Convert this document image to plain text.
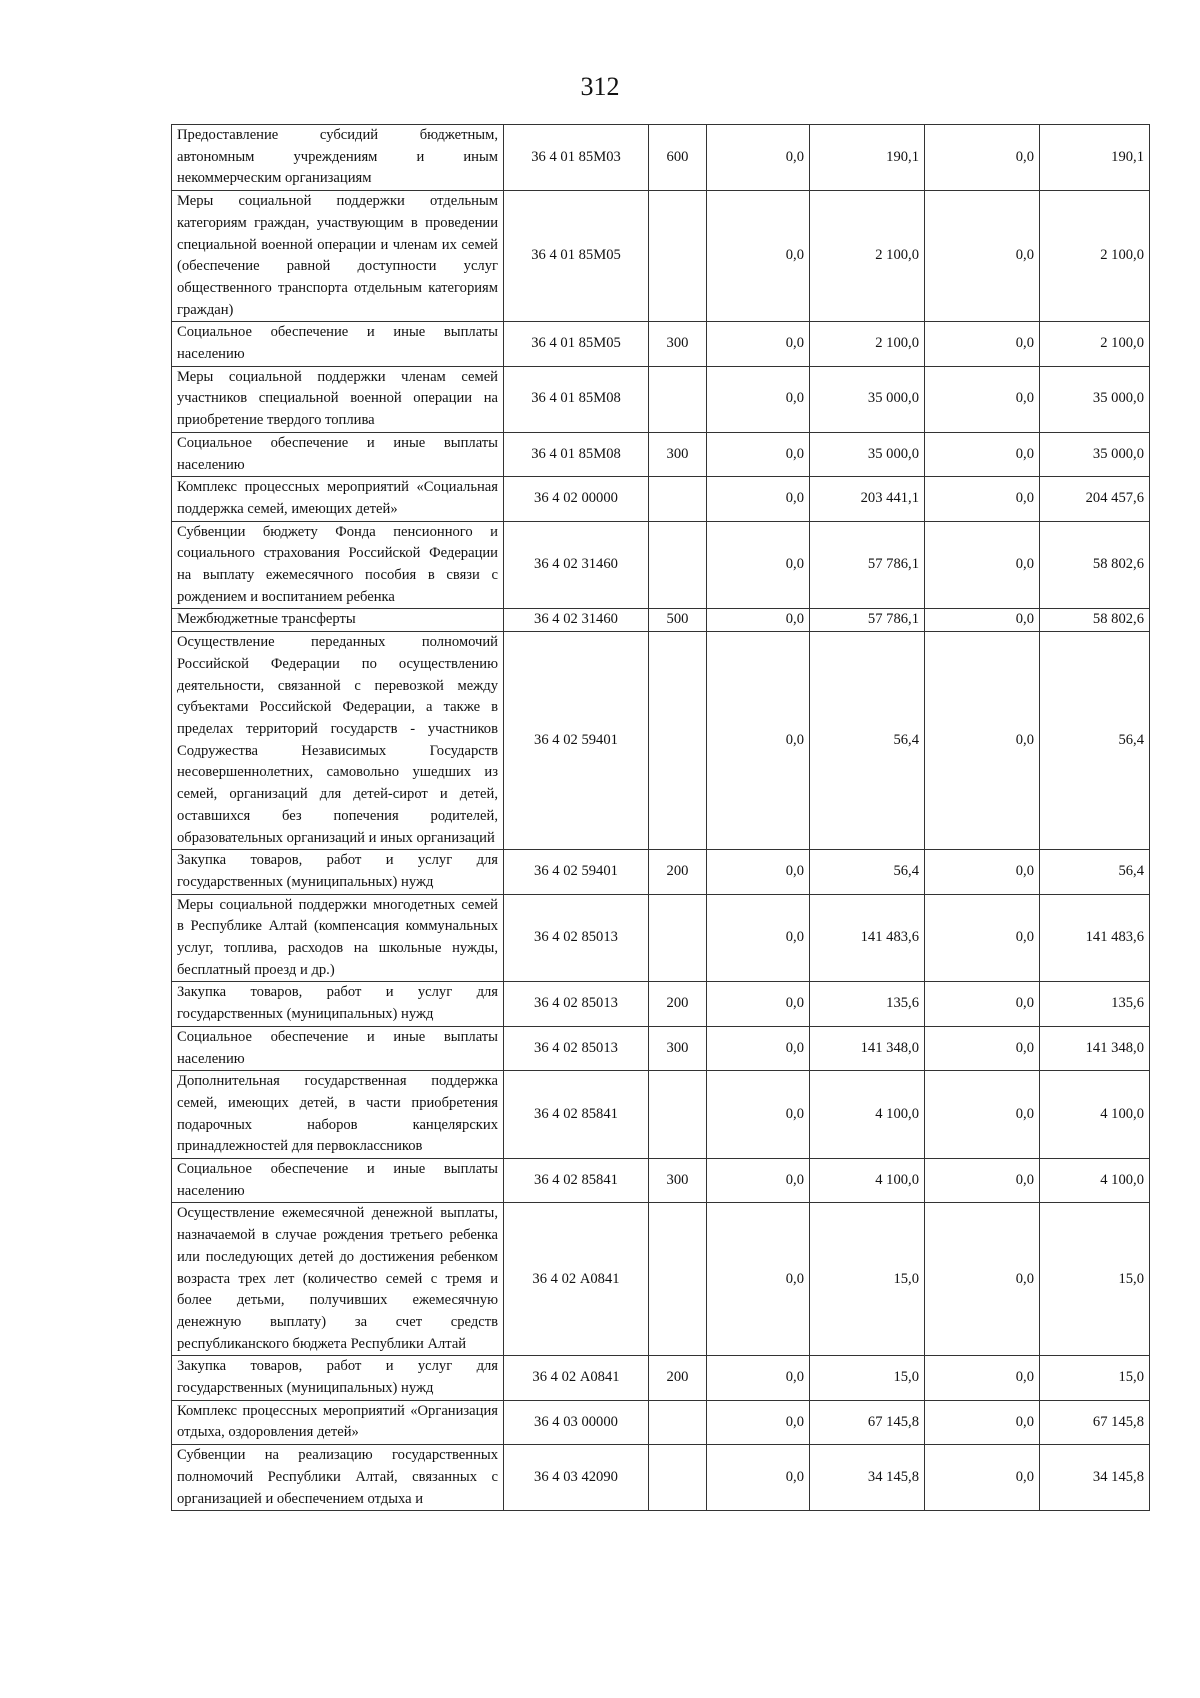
312
Предоставление субсидий бюджетным, автономным учреждениям и иным некоммерческим организациям	36 4 01 85М03	600	0,0	190,1	0,0	190,1
Меры социальной поддержки отдельным категориям граждан, участвующим в проведении специальной военной операции и членам их семей (обеспечение равной доступности услуг общественного транспорта отдельным категориям граждан)	36 4 01 85М05		0,0	2 100,0	0,0	2 100,0
Социальное обеспечение и иные выплаты населению	36 4 01 85М05	300	0,0	2 100,0	0,0	2 100,0
Меры социальной поддержки членам семей участников специальной военной операции на приобретение твердого топлива	36 4 01 85М08		0,0	35 000,0	0,0	35 000,0
Социальное обеспечение и иные выплаты населению	36 4 01 85М08	300	0,0	35 000,0	0,0	35 000,0
Комплекс процессных мероприятий «Социальная поддержка семей, имеющих детей»	36 4 02 00000		0,0	203 441,1	0,0	204 457,6
Субвенции бюджету Фонда пенсионного и социального страхования Российской Федерации на выплату ежемесячного пособия в связи с рождением и воспитанием ребенка	36 4 02 31460		0,0	57 786,1	0,0	58 802,6
Межбюджетные трансферты	36 4 02 31460	500	0,0	57 786,1	0,0	58 802,6
Осуществление переданных полномочий Российской Федерации по осуществлению деятельности, связанной с перевозкой между субъектами Российской Федерации, а также в пределах территорий государств - участников Содружества Независимых Государств несовершеннолетних, самовольно ушедших из семей, организаций для детей-сирот и детей, оставшихся без попечения родителей, образовательных организаций и иных организаций	36 4 02 59401		0,0	56,4	0,0	56,4
Закупка товаров, работ и услуг для государственных (муниципальных) нужд	36 4 02 59401	200	0,0	56,4	0,0	56,4
Меры социальной поддержки многодетных семей в Республике Алтай (компенсация коммунальных услуг, топлива, расходов на школьные нужды, бесплатный проезд и др.)	36 4 02 85013		0,0	141 483,6	0,0	141 483,6
Закупка товаров, работ и услуг для государственных (муниципальных) нужд	36 4 02 85013	200	0,0	135,6	0,0	135,6
Социальное обеспечение и иные выплаты населению	36 4 02 85013	300	0,0	141 348,0	0,0	141 348,0
Дополнительная государственная поддержка семей, имеющих детей, в части приобретения подарочных наборов канцелярских принадлежностей для первоклассников	36 4 02 85841		0,0	4 100,0	0,0	4 100,0
Социальное обеспечение и иные выплаты населению	36 4 02 85841	300	0,0	4 100,0	0,0	4 100,0
Осуществление ежемесячной денежной выплаты, назначаемой в случае рождения третьего ребенка или последующих детей до достижения ребенком возраста трех лет (количество семей с тремя и более детьми, получивших ежемесячную денежную выплату) за счет средств республиканского бюджета Республики Алтай	36 4 02 А0841		0,0	15,0	0,0	15,0
Закупка товаров, работ и услуг для государственных (муниципальных) нужд	36 4 02 А0841	200	0,0	15,0	0,0	15,0
Комплекс процессных мероприятий «Организация отдыха, оздоровления детей»	36 4 03 00000		0,0	67 145,8	0,0	67 145,8
Субвенции на реализацию государственных полномочий Республики Алтай, связанных с организацией и обеспечением отдыха и	36 4 03 42090		0,0	34 145,8	0,0	34 145,8
